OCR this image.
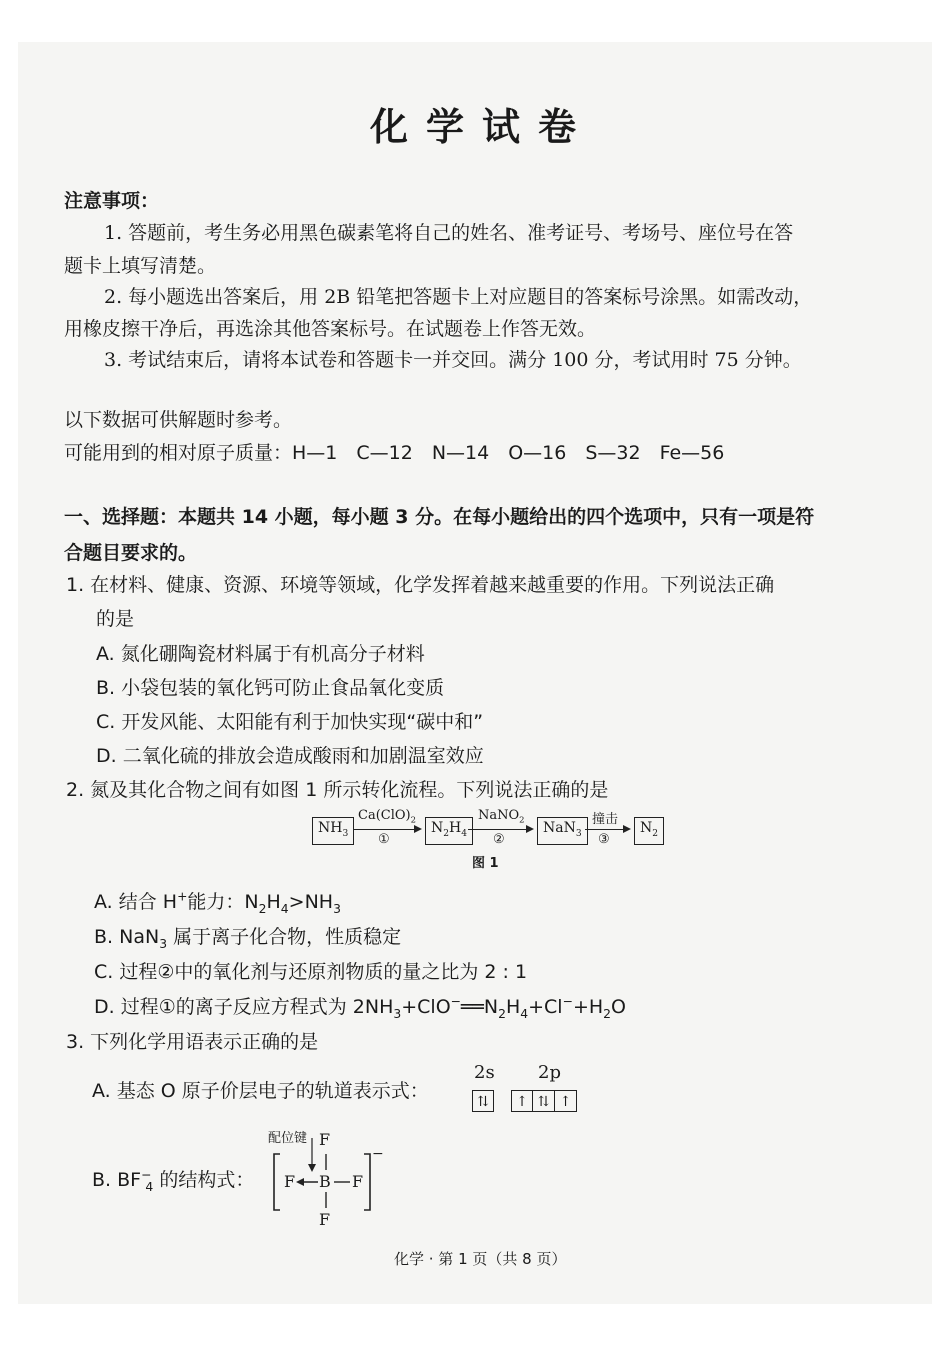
化学试卷
注意事项：
1. 答题前，考生务必用黑色碳素笔将自己的姓名、准考证号、考场号、座位号在答
题卡上填写清楚。
2. 每小题选出答案后，用 2B 铅笔把答题卡上对应题目的答案标号涂黑。如需改动，
用橡皮擦干净后，再选涂其他答案标号。在试题卷上作答无效。
3. 考试结束后，请将本试卷和答题卡一并交回。满分 100 分，考试用时 75 分钟。
以下数据可供解题时参考。
可能用到的相对原子质量：H—1　C—12　N—14　O—16　S—32　Fe—56
一、选择题：本题共 14 小题，每小题 3 分。在每小题给出的四个选项中，只有一项是符
合题目要求的。
1. 在材料、健康、资源、环境等领域，化学发挥着越来越重要的作用。下列说法正确
的是
A. 氮化硼陶瓷材料属于有机高分子材料
B. 小袋包装的氧化钙可防止食品氧化变质
C. 开发风能、太阳能有利于加快实现“碳中和”
D. 二氧化硫的排放会造成酸雨和加剧温室效应
2. 氮及其化合物之间有如图 1 所示转化流程。下列说法正确的是
$NH_3$
$Ca(ClO)_2$
①
$N_2H_4$
NaNO$_2$
②
NaN$_3$
撞击
③
$N_2$
图 1
A. 结合 H+能力：$N_2H_4>NH_3$
B. NaN$_3$ 属于离子化合物，性质稳定
C. 过程②中的氧化剂与还原剂物质的量之比为 2 : 1
D. 过程①的离子反应方程式为 $2NH_3+ClO^-══N_2H_4+Cl^-+H_2O$
3. 下列化学用语表示正确的是
A. 基态 O 原子价层电子的轨道表示式：
2s 2p
⇅	↑ ⇅ ↑
B. $BF^-_4$ 的结构式：
配位键 F
F B F
F
−
化学 · 第 1 页（共 8 页）
